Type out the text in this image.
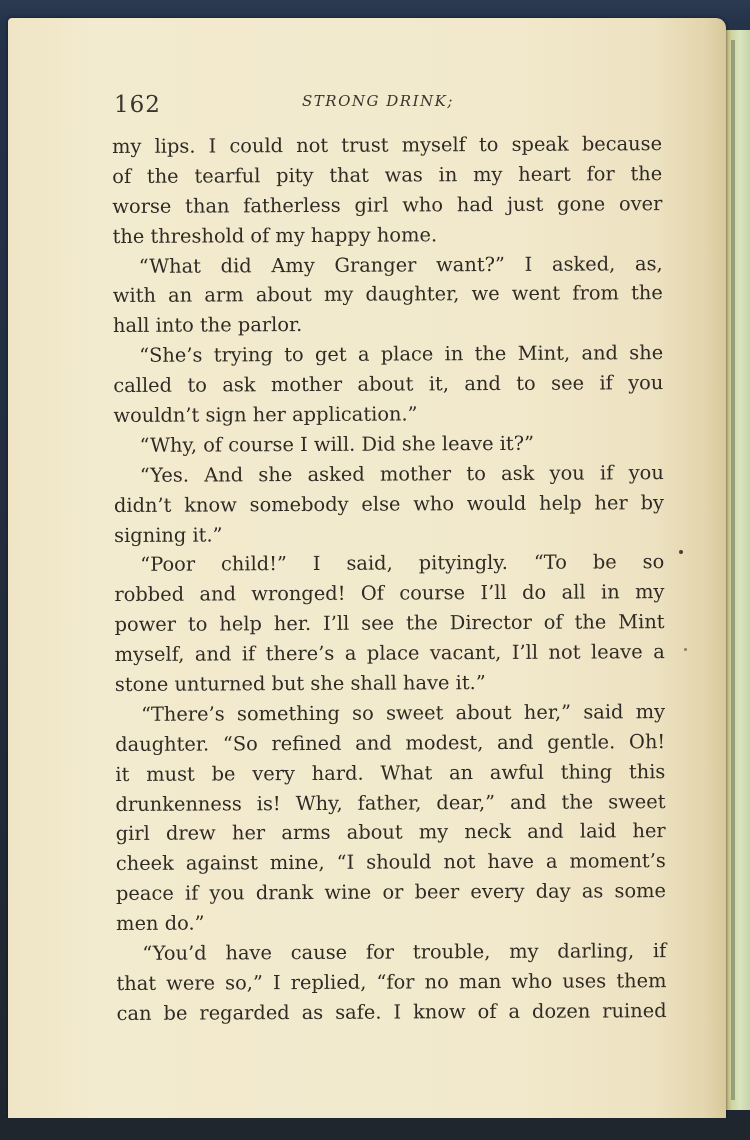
162	STRONG DRINK;
my lips. I could not trust myself to speak because
of the tearful pity that was in my heart for the
worse than fatherless girl who had just gone over
the threshold of my happy home.
“What did Amy Granger want?” I asked, as,
with an arm about my daughter, we went from the
hall into the parlor.
“She’s trying to get a place in the Mint, and she
called to ask mother about it, and to see if you
wouldn’t sign her application.”
“Why, of course I will. Did she leave it?”
“Yes. And she asked mother to ask you if you
didn’t know somebody else who would help her by
signing it.”
“Poor child!” I said, pityingly. “To be so
robbed and wronged! Of course I’ll do all in my
power to help her. I’ll see the Director of the Mint
myself, and if there’s a place vacant, I’ll not leave a
stone unturned but she shall have it.”
“There’s something so sweet about her,” said my
daughter. “So refined and modest, and gentle. Oh!
it must be very hard. What an awful thing this
drunkenness is! Why, father, dear,” and the sweet
girl drew her arms about my neck and laid her
cheek against mine, “I should not have a moment’s
peace if you drank wine or beer every day as some
men do.”
“You’d have cause for trouble, my darling, if
that were so,” I replied, “for no man who uses them
can be regarded as safe. I know of a dozen ruined
